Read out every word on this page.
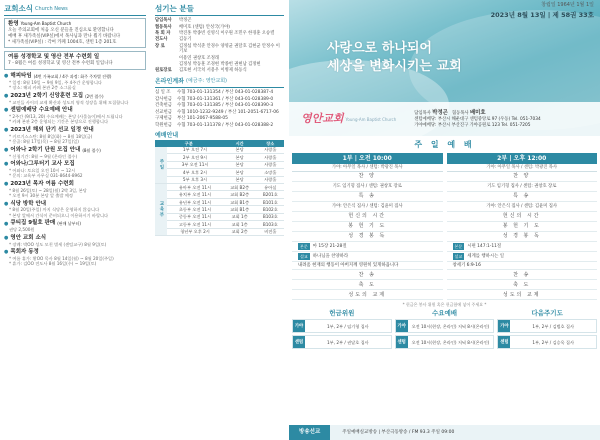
교회소식 Church News
환영 Young-Am Baptist Church
오늘 주의교회에 처음 오신 분들을 진심으로 환영합니다
예배 후 새가족실(VIP실)에서 목사님과 만나 뵙기 바랍니다
* 새가족실(VIP실) : 각여 카페 1004호, 샌빈 1층 201호
여름 성경학교 및 영산 전부 수련회 일
7 - 8월은 여름 성경학교 및 영산 전부 수련회 일입니다
● 해피타임 (4번 가족교회 / 4주 과정: 화주 주차별 진행)
* 일정: 8월 19일 ~ 9월 9일, 주 4주간 운영합니다
* 장소: 해피 카페 본관 2층 소그룹실
● 2023년 2학기 신앙훈련 모집 (2번 접수)
* 교인들 사이의 교제 확산과 성도의 영적 성장을 위해 모집합니다
● 센텀예배당 수요예배 안내
* 2주간 (9/13, 20) 수요예배는 본당 (사물놀이)에서 드립니다
* 카페 본관 2층 운영되는 기간은 본당으로 진행합니다
● 2023년 해외 단기 선교 일정 안내
* 키르기스스탄: 8월 8일(화) ~ 8월 18일(금)
* 몽골: 8월 17일(목) ~ 8월 27일(일)
● 어와나 2학기 단원 모집 안내 (8월 접수)
* 신청기간: 8월 ~ 9월 (온라인 접수)
● 어와나/그루터기 교사 모집
* 어와나: 토요일 오전 10시 ~ 12시
* 문의: 교육부 사무실 031-8644-8962
● 2023년 목자 여름 수련회
* 8월 26일(토) ~ 28일(월) 2박 3일, 본당
* 오전 9시 30분 본당 앞 출발 예정
● 식당 방학 안내
* 8월 20일(주일) 까지 식당은 운영하지 않습니다
* 본당 앞에서 간식이 준비되오니 이용하시기 바랍니다
● 큐티집 9월호 판매 (판매 날부터)
권당 2,500원
● 영안 교회 소식
* 장례: 박OO 성도 모친 별세 (센텀교구) 8월 9일(토)
● 목회자 동정
* 여름 휴가: 황OO 목사 8월 14일(월) ~ 8월 20일(주일)
* 휴가: 김OO 전도사 8월 16일(수) ~ 19일(토)
섬기는 분들
담임목사	박정곤
협동목사	배미호 (센텀) 안성국(가야)
목 회 자	박진홍 박종빈 신영식 이우원 조민우 한경훈 오승렬
전도사	김동기
장 로	김정섭 박석준 안경수 양영균 권달호 김현균 안정수 이기보
이용연 권창호 조정래
김정성 박동훈 조경현 박종헌 권현남 김정현
원로장로	김호현 서국치 서용우 이병제 하동식
온라인계좌 (예금주: 영안교회)
십 일 조	수협 703-01-131354 / 부산 043-01-028387-4
감사헌금	수협 703-01-131361 / 부산 043-01-028389-0
건축헌금	수협 703-01-131385 / 부산 043-01-028390-3
선교헌금	수협 1010-1232-9249 / 부산 101-2051-6717-06
구제헌금	부산 101-2067-9588-05
학원헌금	수협 703-01-131378 / 부산 043-01-028388-2
예배안내
구분		시간	장소
주일	1부 오전 7시	본당	사랑홀
	2부 오전 9시	본당	사랑홀
	3부 오전 11시	본당	사랑홀
	4부 오후 2시	본당	소망홀
	5부 오후 3시	본당	사랑홀
교육부	유아부 오전 11시	교회 B2층	유아실
	유치부 오전 11시	교회 B2층	B201호
	유년부 오전 11시	교회 B1층	B101호
	초등부 오전 11시	교회 B1층	B102호
	중등부 오전 11시	교회 1층	B103호
	고등부 오전 11시	교회 1층	B103호
	청년부 오후 2시	교회 2층	비전홀
창립일 1964년 1월 1일
2023년 8월 13일 | 제 58권 33호
사랑으로 하나되어
세상을 변화시키는 교회
영안교회 Young-Am Baptist Church
담임목사 박정곤 협동목사 배미호
센텀예배당: 부산시 해운대구 센텀중앙로 97 (우동) Tel. 051-7034
가야예배당: 부산시 부산진구 가야공원로 123 Tel. 051-7205
주 일 예 배
1부 | 오전 10:00
가야: 아무일 목사 / 센텀: 박광진 목사
찬 양
기도 임기형 집사 / 센텀: 권창호 장로
특 송
가야: 안은식 집사 / 센텀: 김윤미 집사
헌신의 시간
봉 헌 기 도
성 경 봉 독
본문	마 15장 21-28절
설교	하나님을 찬양하라
내려옴 현재의 행동이 아버지께 영원히 있게하옵니다
찬 송
축 도
성도의 교제
2부 | 오후 12:00
가야: 아무일 목사 / 센텀: 박광진 목사
찬 양
기도 임기형 집사 / 센텀: 권창호 장로
특 송
가야: 안은식 집사 / 센텀: 김윤미 집사
헌신의 시간
봉 헌 기 도
성 경 봉 독
본문	시편 147:1-11절
설교	세계를 행하시는 일
창세기 6:9-16
찬 송
축 도
성도의 교제
* 헌금은 봉사 위원 혹은 헌금함에 넣어 주세요 *
헌금위원
가야	1부, 2부 / 임기형 집사
센텀	1부, 2부 / 권달호 집사
수요예배
가야	오전 10시(현장, 온라인) 저녁 8시(온라인)
센텀	오전 10시(현장, 온라인) 저녁 8시(온라인)
다음주기도
가야	1부, 2부 / 김범호 집사
센텀	1부, 2부 / 김승욱 집사
방송선교	주일예배실교방송 | 부산극동방송 / FM 93.3 주일 09:00
